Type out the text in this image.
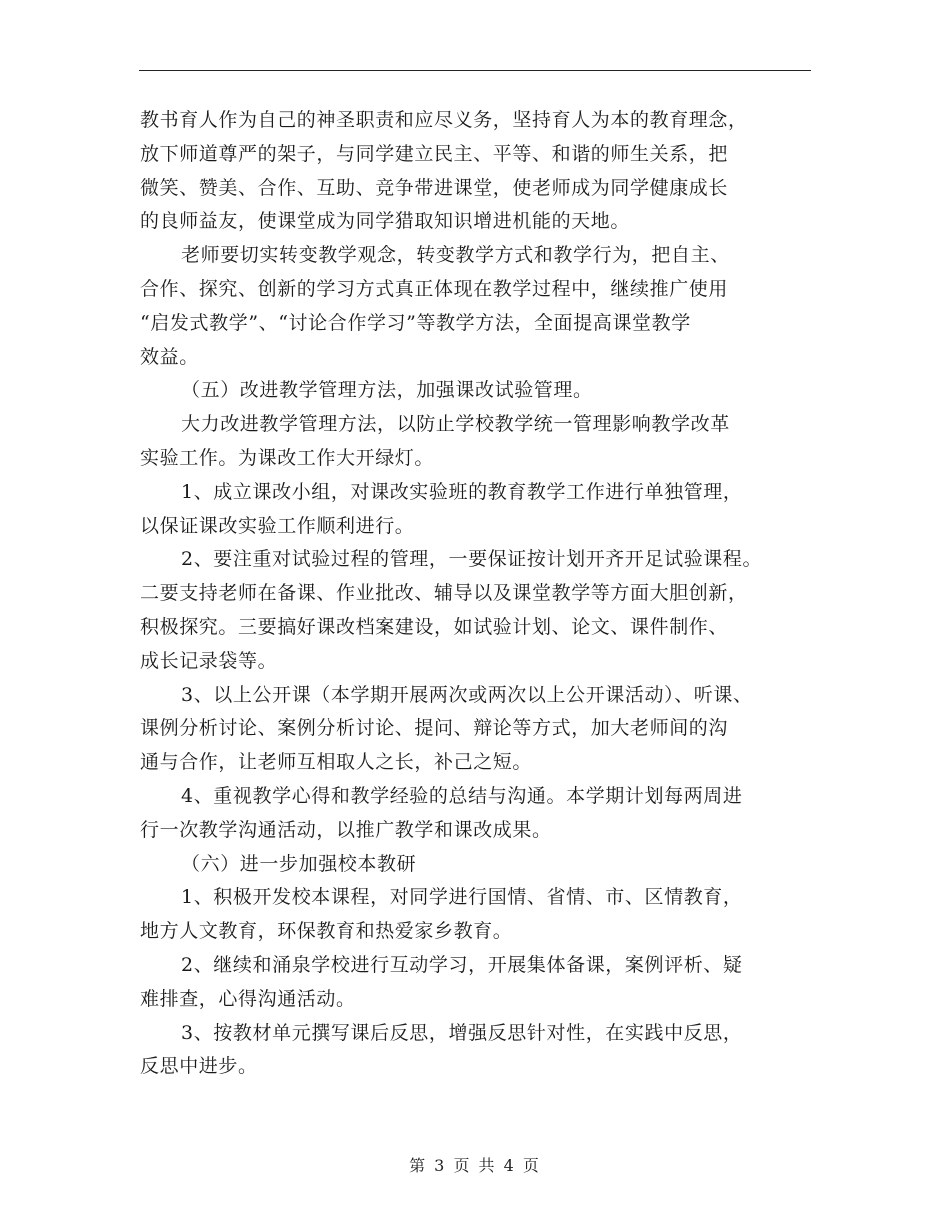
教书育人作为自己的神圣职责和应尽义务，坚持育人为本的教育理念，
放下师道尊严的架子，与同学建立民主、平等、和谐的师生关系，把
微笑、赞美、合作、互助、竞争带进课堂，使老师成为同学健康成长
的良师益友，使课堂成为同学猎取知识增进机能的天地。
老师要切实转变教学观念，转变教学方式和教学行为，把自主、
合作、探究、创新的学习方式真正体现在教学过程中，继续推广使用
“启发式教学”、“讨论合作学习”等教学方法，全面提高课堂教学
效益。
（五）改进教学管理方法，加强课改试验管理。
大力改进教学管理方法，以防止学校教学统一管理影响教学改革
实验工作。为课改工作大开绿灯。
1、成立课改小组，对课改实验班的教育教学工作进行单独管理，
以保证课改实验工作顺利进行。
2、要注重对试验过程的管理，一要保证按计划开齐开足试验课程。
二要支持老师在备课、作业批改、辅导以及课堂教学等方面大胆创新，
积极探究。三要搞好课改档案建设，如试验计划、论文、课件制作、
成长记录袋等。
3、以上公开课（本学期开展两次或两次以上公开课活动）、听课、
课例分析讨论、案例分析讨论、提问、辩论等方式，加大老师间的沟
通与合作，让老师互相取人之长，补己之短。
4、重视教学心得和教学经验的总结与沟通。本学期计划每两周进
行一次教学沟通活动，以推广教学和课改成果。
（六）进一步加强校本教研
1、积极开发校本课程，对同学进行国情、省情、市、区情教育，
地方人文教育，环保教育和热爱家乡教育。
2、继续和涌泉学校进行互动学习，开展集体备课，案例评析、疑
难排查，心得沟通活动。
3、按教材单元撰写课后反思，增强反思针对性，在实践中反思，
反思中进步。
第 3 页 共 4 页
